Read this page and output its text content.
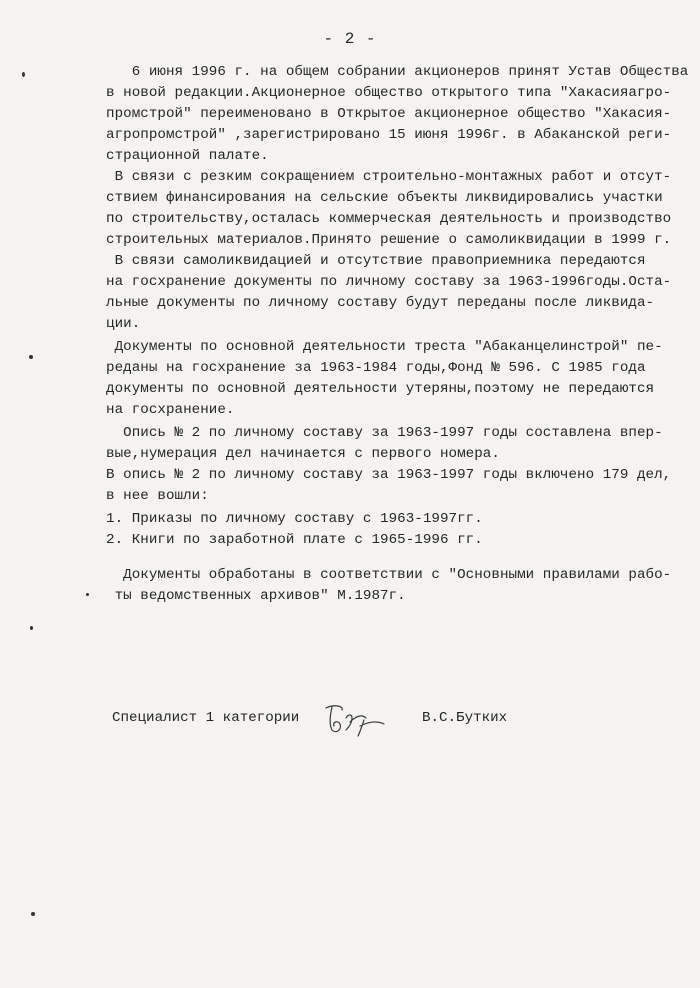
- 2 -
6 июня 1996 г. на общем собрании акционеров принят Устав Общества
в новой редакции.Акционерное общество открытого типа "Хакасияагро-
промстрой" переименовано в Открытое акционерное общество "Хакасия-
агропромстрой" ,зарегистрировано 15 июня 1996г. в Абаканской реги-
страционной палате.
В связи с резким сокращением строительно-монтажных работ и отсут-
ствием финансирования на сельские объекты ликвидировались участки
по строительству,осталась коммерческая деятельность и производство
строительных материалов.Принято решение о самоликвидации в 1999 г.
В связи самоликвидацией и отсутствие правоприемника передаются
на госхранение документы по личному составу за 1963-1996годы.Оста-
льные документы по личному составу будут переданы после ликвида-
ции.
Документы по основной деятельности треста "Абаканцелинстрой" пе-
реданы на госхранение за 1963-1984 годы,Фонд № 596. С 1985 года
документы по основной деятельности утеряны,поэтому не передаются
на госхранение.
Опись № 2 по личному составу за 1963-1997 годы составлена впер-
вые,нумерация дел начинается с первого номера.
В опись № 2 по личному составу за 1963-1997 годы включено 179 дел,
в нее вошли:
1. Приказы по личному составу с 1963-1997гг.
2. Книги по заработной плате с 1965-1996 гг.
Документы обработаны в соответствии с "Основными правилами рабо-
ты ведомственных архивов" М.1987г.
Специалист 1 категории	В.С.Бутких
